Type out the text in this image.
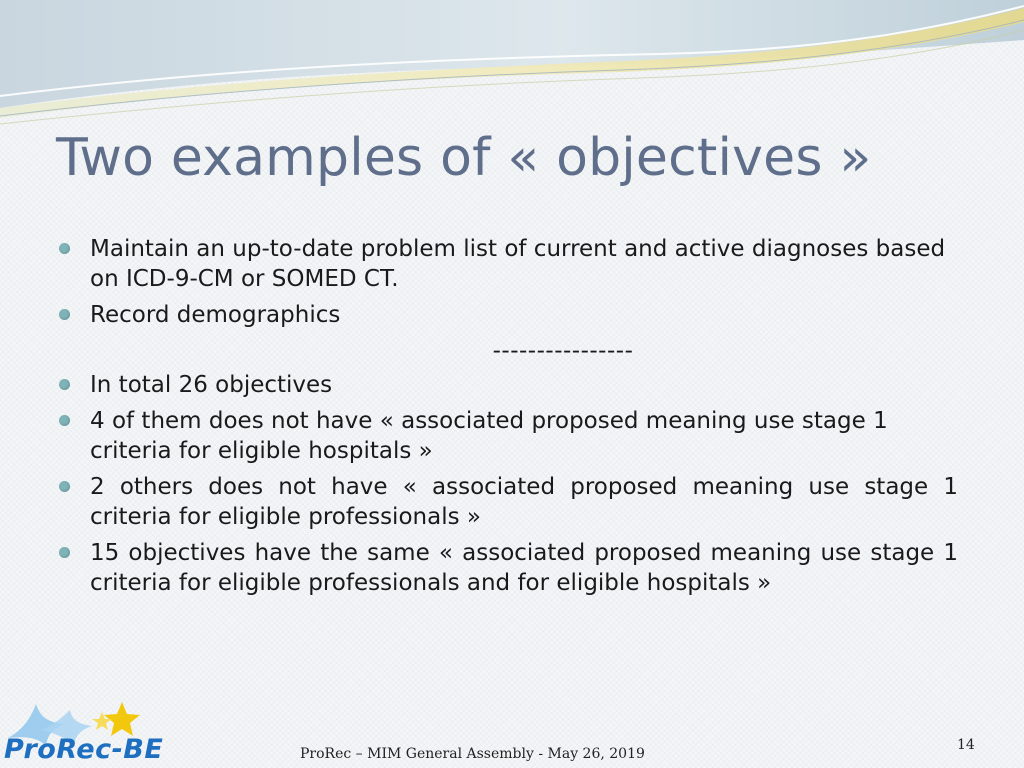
Two examples of « objectives »
Maintain an up-to-date problem list of current and active diagnoses based on ICD-9-CM or SOMED CT.
Record demographics
----------------
In total 26 objectives
4 of them does not have « associated proposed meaning use stage 1 criteria for eligible hospitals »
2 others does not have « associated proposed meaning use stage 1 criteria for eligible professionals »
15 objectives have the same « associated proposed meaning use stage 1 criteria for eligible professionals and for eligible hospitals »
ProRec-BE	ProRec – MIM General Assembly - May 26, 2019
14
